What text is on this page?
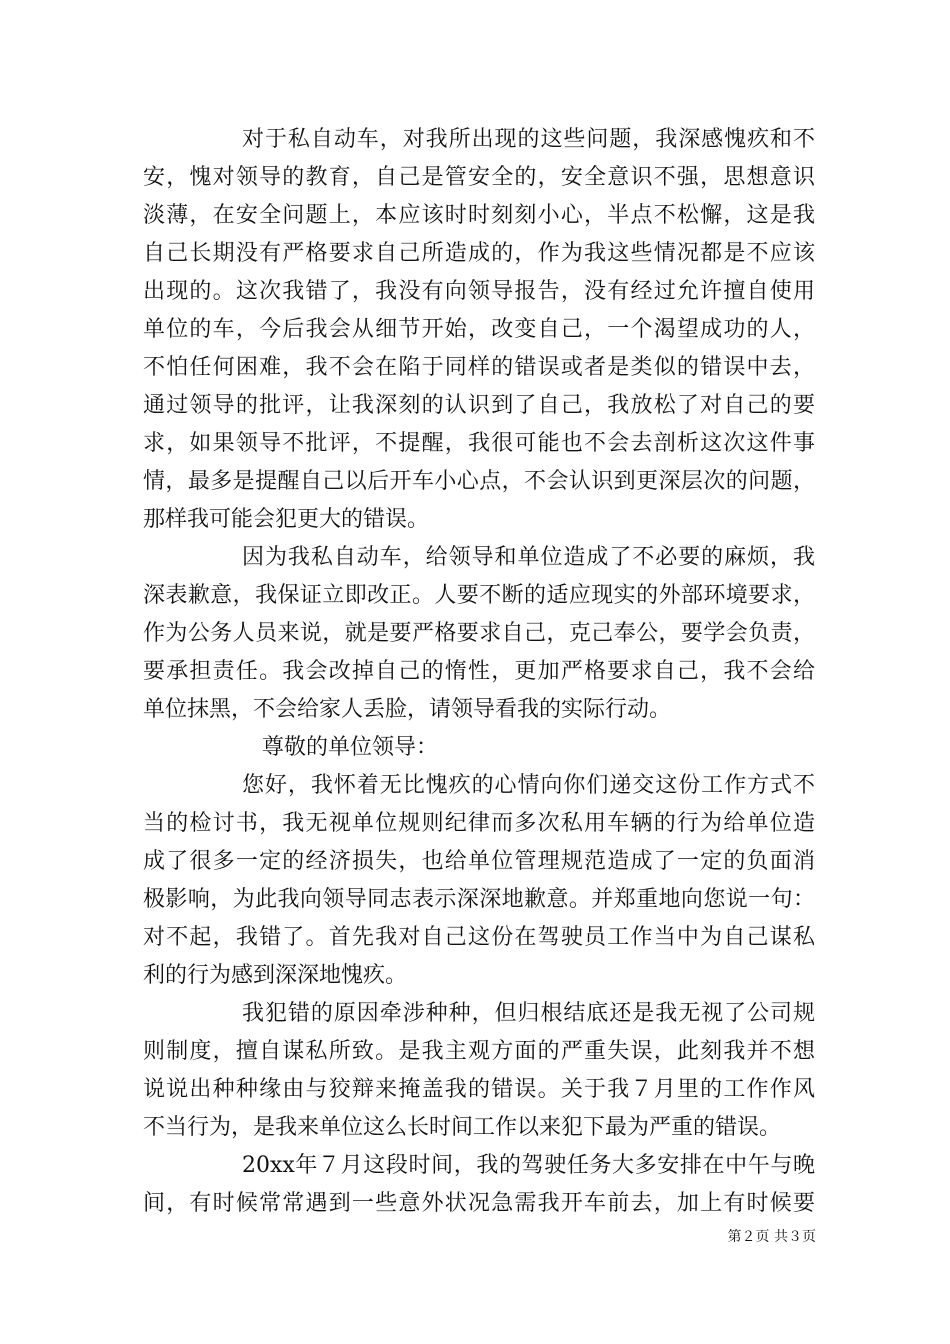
对于私自动车，对我所出现的这些问题，我深感愧疚和不
安，愧对领导的教育，自己是管安全的，安全意识不强，思想意识
淡薄，在安全问题上，本应该时时刻刻小心，半点不松懈，这是我
自己长期没有严格要求自己所造成的，作为我这些情况都是不应该
出现的。这次我错了，我没有向领导报告，没有经过允许擅自使用
单位的车，今后我会从细节开始，改变自己，一个渴望成功的人，
不怕任何困难，我不会在陷于同样的错误或者是类似的错误中去，
通过领导的批评，让我深刻的认识到了自己，我放松了对自己的要
求，如果领导不批评，不提醒，我很可能也不会去剖析这次这件事
情，最多是提醒自己以后开车小心点，不会认识到更深层次的问题，
那样我可能会犯更大的错误。
因为我私自动车，给领导和单位造成了不必要的麻烦，我
深表歉意，我保证立即改正。人要不断的适应现实的外部环境要求，
作为公务人员来说，就是要严格要求自己，克己奉公，要学会负责，
要承担责任。我会改掉自己的惰性，更加严格要求自己，我不会给
单位抹黑，不会给家人丢脸，请领导看我的实际行动。
尊敬的单位领导：
您好，我怀着无比愧疚的心情向你们递交这份工作方式不
当的检讨书，我无视单位规则纪律而多次私用车辆的行为给单位造
成了很多一定的经济损失，也给单位管理规范造成了一定的负面消
极影响，为此我向领导同志表示深深地歉意。并郑重地向您说一句：
对不起，我错了。首先我对自己这份在驾驶员工作当中为自己谋私
利的行为感到深深地愧疚。
我犯错的原因牵涉种种，但归根结底还是我无视了公司规
则制度，擅自谋私所致。是我主观方面的严重失误，此刻我并不想
说说出种种缘由与狡辩来掩盖我的错误。关于我７月里的工作作风
不当行为，是我来单位这么长时间工作以来犯下最为严重的错误。
20xx年７月这段时间，我的驾驶任务大多安排在中午与晚
间，有时候常常遇到一些意外状况急需我开车前去，加上有时候要
第２页 共３页
